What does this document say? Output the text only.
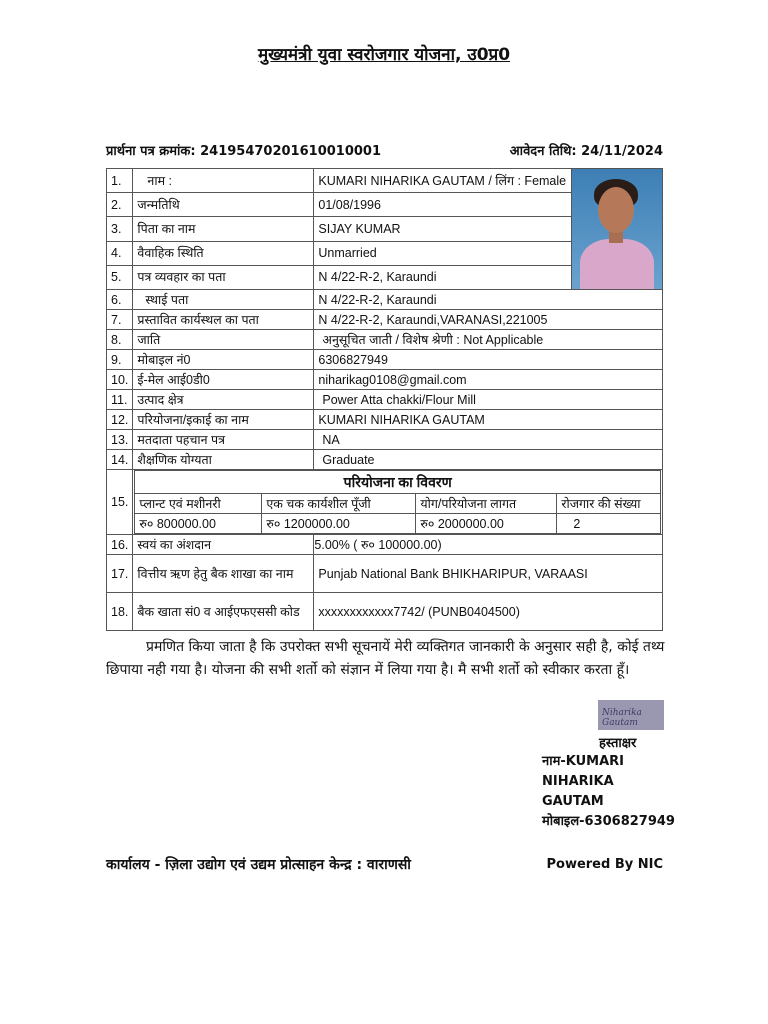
मुख्यमंत्री युवा स्वरोजगार योजना, उ0प्र0
प्रार्थना पत्र क्रमांक: 24195470201610010001	आवेदन तिथि: 24/11/2024
1.	नाम :	KUMARI NIHARIKA GAUTAM / लिंग : Female	

2.	जन्मतिथि	01/08/1996
3.	पिता का नाम	SIJAY KUMAR
4.	वैवाहिक स्थिति	Unmarried
5.	पत्र व्यवहार का पता	N 4/22-R-2, Karaundi
6.	स्थाई पता	N 4/22-R-2, Karaundi
7.	प्रस्तावित कार्यस्थल का पता	N 4/22-R-2, Karaundi,VARANASI,221005
8.	जाति	अनुसूचित जाती / विशेष श्रेणी : Not Applicable
9.	मोबाइल नं0	6306827949
10.	ई-मेल आई0डी0	niharikag0108@gmail.com
11.	उत्पाद क्षेत्र	Power Atta chakki/Flour Mill
12.	परियोजना/इकाई का नाम	KUMARI NIHARIKA GAUTAM
13.	मतदाता पहचान पत्र	NA
14.	शैक्षणिक योग्यता	Graduate
15.	
परियोजना का विवरण
प्लान्ट एवं मशीनरी	एक चक कार्यशील पूँजी	योग/परियोजना लागत	रोजगार की संख्या
रु० 800000.00	रु० 1200000.00	रु० 2000000.00	2

16.	स्वयं का अंशदान	5.00% ( रु० 100000.00)
17.	वित्तीय ऋण हेतु बैक शाखा का नाम	Punjab National Bank BHIKHARIPUR, VARAASI
18.	बैक खाता सं0 व आईएफएससी कोड	xxxxxxxxxxxx7742/ (PUNB0404500)

प्रमणित किया जाता है कि उपरोक्त सभी सूचनायें मेरी व्यक्तिगत जानकारी के अनुसार सही है, कोई तथ्य छिपाया नही गया है। योजना की सभी शर्तो को संज्ञान में लिया गया है। मै सभी शर्तो को स्वीकार करता हूँ।

Niharika Gautam
हस्ताक्षर
नाम-KUMARI
NIHARIKA
GAUTAM
मोबाइल-6306827949
कार्यालय - ज़िला उद्योग एवं उद्यम प्रोत्साहन केन्द्र : वाराणसी	Powered By NIC
